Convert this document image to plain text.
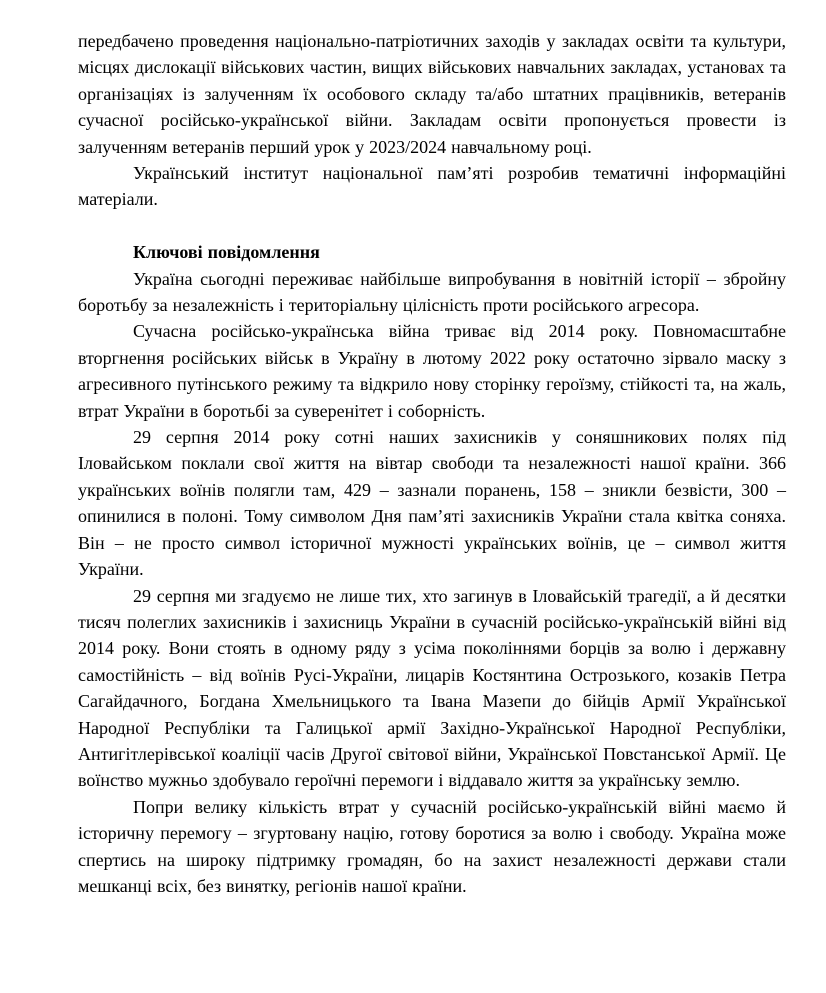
передбачено проведення національно-патріотичних заходів у закладах освіти та культури, місцях дислокації військових частин, вищих військових навчальних закладах, установах та організаціях із залученням їх особового складу та/або штатних працівників, ветеранів сучасної російсько-української війни. Закладам освіти пропонується провести із залученням ветеранів перший урок у 2023/2024 навчальному році.

Український інститут національної пам’яті розробив тематичні інформаційні матеріали.

Ключові повідомлення

Україна сьогодні переживає найбільше випробування в новітній історії – збройну боротьбу за незалежність і територіальну цілісність проти російського агресора.

Сучасна російсько-українська війна триває від 2014 року. Повномасштабне вторгнення російських військ в Україну в лютому 2022 року остаточно зірвало маску з агресивного путінського режиму та відкрило нову сторінку героїзму, стійкості та, на жаль, втрат України в боротьбі за суверенітет і соборність.

29 серпня 2014 року сотні наших захисників у соняшникових полях під Іловайськом поклали свої життя на вівтар свободи та незалежності нашої країни. 366 українських воїнів полягли там, 429 – зазнали поранень, 158 – зникли безвісти, 300 – опинилися в полоні. Тому символом Дня пам’яті захисників України стала квітка соняха. Він – не просто символ історичної мужності українських воїнів, це – символ життя України.

29 серпня ми згадуємо не лише тих, хто загинув в Іловайській трагедії, а й десятки тисяч полеглих захисників і захисниць України в сучасній російсько-українській війні від 2014 року. Вони стоять в одному ряду з усіма поколіннями борців за волю і державну самостійність – від воїнів Русі-України, лицарів Костянтина Острозького, козаків Петра Сагайдачного, Богдана Хмельницького та Івана Мазепи до бійців Армії Української Народної Республіки та Галицької армії Західно-Української Народної Республіки, Антигітлерівської коаліції часів Другої світової війни, Української Повстанської Армії. Це воїнство мужньо здобувало героїчні перемоги і віддавало життя за українську землю.

Попри велику кількість втрат у сучасній російсько-українській війні маємо й історичну перемогу – згуртовану націю, готову боротися за волю і свободу. Україна може спертись на широку підтримку громадян, бо на захист незалежності держави стали мешканці всіх, без винятку, регіонів нашої країни.
